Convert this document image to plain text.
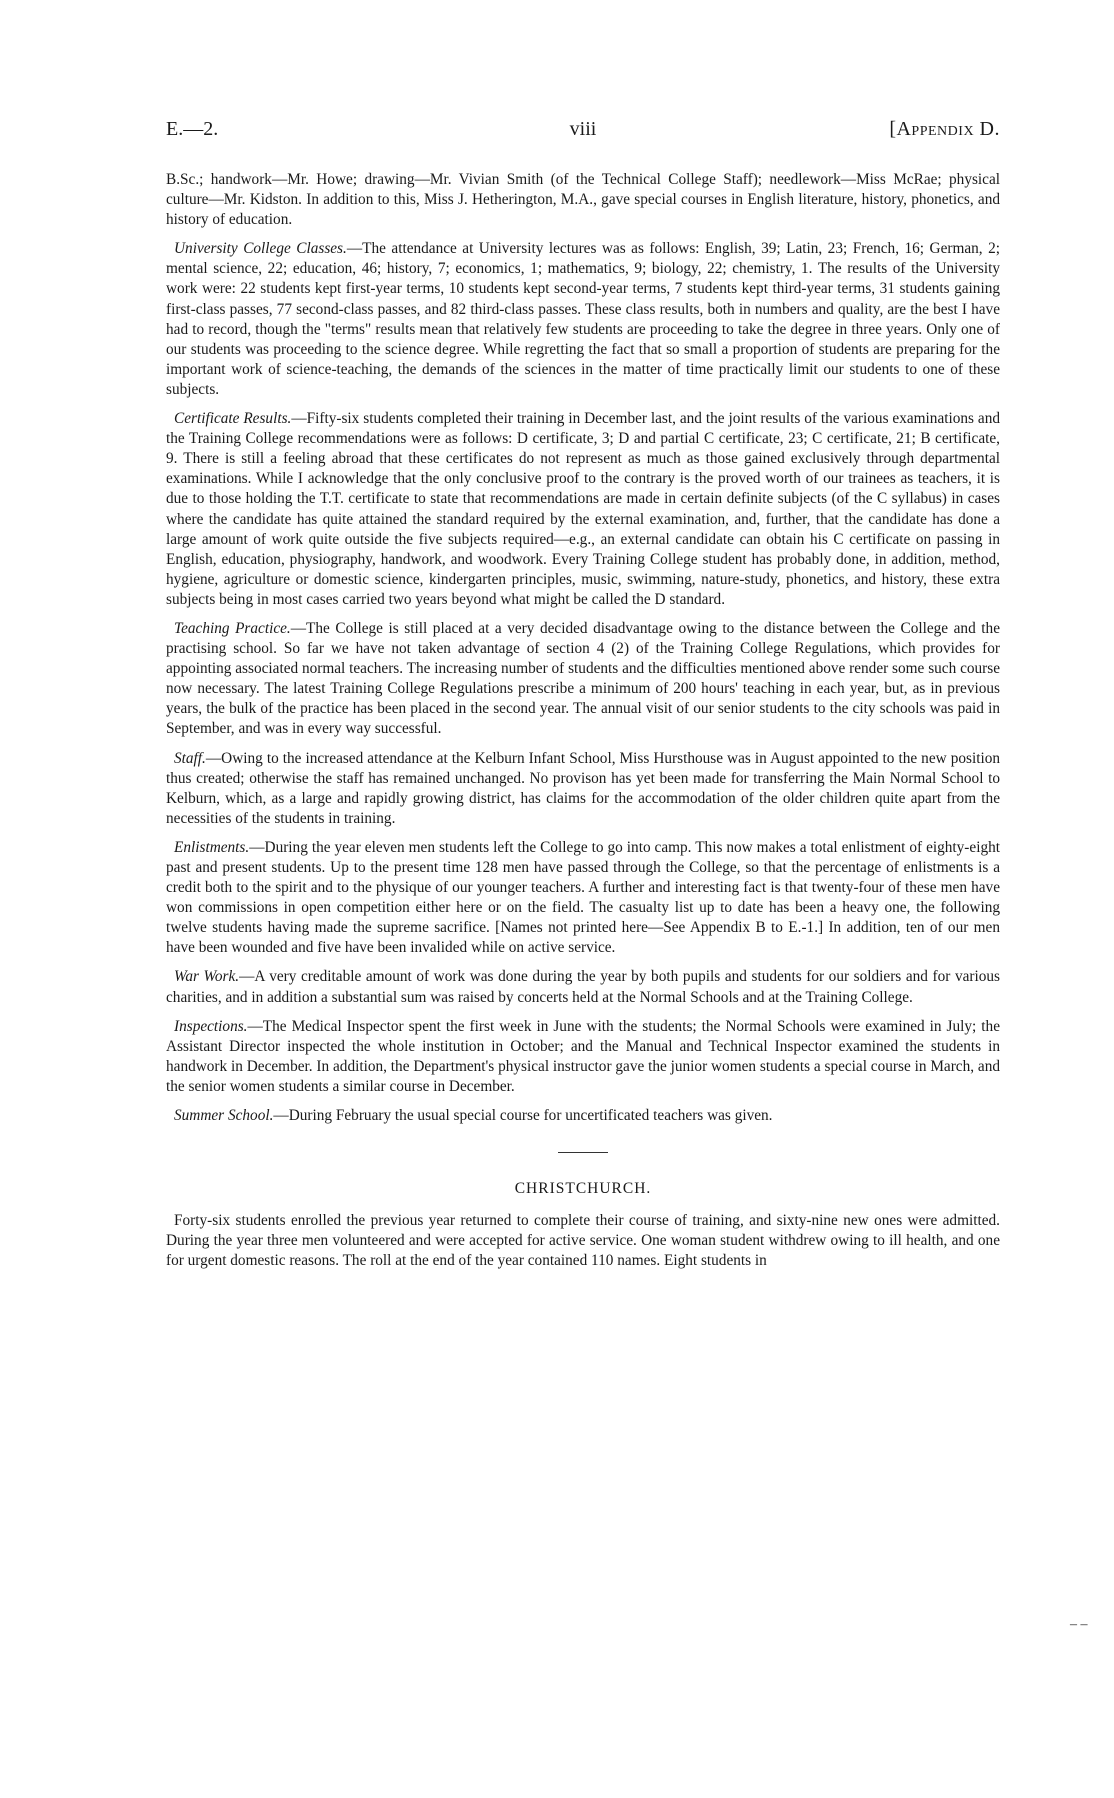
E.—2.	viii	[Appendix D.

B.Sc.; handwork—Mr. Howe; drawing—Mr. Vivian Smith (of the Technical College Staff); needlework—Miss McRae; physical culture—Mr. Kidston. In addition to this, Miss J. Hetherington, M.A., gave special courses in English literature, history, phonetics, and history of education.

University College Classes.—The attendance at University lectures was as follows: English, 39; Latin, 23; French, 16; German, 2; mental science, 22; education, 46; history, 7; economics, 1; mathematics, 9; biology, 22; chemistry, 1. The results of the University work were: 22 students kept first-year terms, 10 students kept second-year terms, 7 students kept third-year terms, 31 students gaining first-class passes, 77 second-class passes, and 82 third-class passes. These class results, both in numbers and quality, are the best I have had to record, though the "terms" results mean that relatively few students are proceeding to take the degree in three years. Only one of our students was proceeding to the science degree. While regretting the fact that so small a proportion of students are preparing for the important work of science-teaching, the demands of the sciences in the matter of time practically limit our students to one of these subjects.

Certificate Results.—Fifty-six students completed their training in December last, and the joint results of the various examinations and the Training College recommendations were as follows: D certificate, 3; D and partial C certificate, 23; C certificate, 21; B certificate, 9. There is still a feeling abroad that these certificates do not represent as much as those gained exclusively through departmental examinations. While I acknowledge that the only conclusive proof to the contrary is the proved worth of our trainees as teachers, it is due to those holding the T.T. certificate to state that recommendations are made in certain definite subjects (of the C syllabus) in cases where the candidate has quite attained the standard required by the external examination, and, further, that the candidate has done a large amount of work quite outside the five subjects required—e.g., an external candidate can obtain his C certificate on passing in English, education, physiography, handwork, and woodwork. Every Training College student has probably done, in addition, method, hygiene, agriculture or domestic science, kindergarten principles, music, swimming, nature-study, phonetics, and history, these extra subjects being in most cases carried two years beyond what might be called the D standard.

Teaching Practice.—The College is still placed at a very decided disadvantage owing to the distance between the College and the practising school. So far we have not taken advantage of section 4 (2) of the Training College Regulations, which provides for appointing associated normal teachers. The increasing number of students and the difficulties mentioned above render some such course now necessary. The latest Training College Regulations prescribe a minimum of 200 hours' teaching in each year, but, as in previous years, the bulk of the practice has been placed in the second year. The annual visit of our senior students to the city schools was paid in September, and was in every way successful.

Staff.—Owing to the increased attendance at the Kelburn Infant School, Miss Hursthouse was in August appointed to the new position thus created; otherwise the staff has remained unchanged. No provison has yet been made for transferring the Main Normal School to Kelburn, which, as a large and rapidly growing district, has claims for the accommodation of the older children quite apart from the necessities of the students in training.

Enlistments.—During the year eleven men students left the College to go into camp. This now makes a total enlistment of eighty-eight past and present students. Up to the present time 128 men have passed through the College, so that the percentage of enlistments is a credit both to the spirit and to the physique of our younger teachers. A further and interesting fact is that twenty-four of these men have won commissions in open competition either here or on the field. The casualty list up to date has been a heavy one, the following twelve students having made the supreme sacrifice. [Names not printed here—See Appendix B to E.-1.] In addition, ten of our men have been wounded and five have been invalided while on active service.

War Work.—A very creditable amount of work was done during the year by both pupils and students for our soldiers and for various charities, and in addition a substantial sum was raised by concerts held at the Normal Schools and at the Training College.

Inspections.—The Medical Inspector spent the first week in June with the students; the Normal Schools were examined in July; the Assistant Director inspected the whole institution in October; and the Manual and Technical Inspector examined the students in handwork in December. In addition, the Department's physical instructor gave the junior women students a special course in March, and the senior women students a similar course in December.

Summer School.—During February the usual special course for uncertificated teachers was given.

CHRISTCHURCH.

Forty-six students enrolled the previous year returned to complete their course of training, and sixty-nine new ones were admitted. During the year three men volunteered and were accepted for active service. One woman student withdrew owing to ill health, and one for urgent domestic reasons. The roll at the end of the year contained 110 names. Eight students in

– –
